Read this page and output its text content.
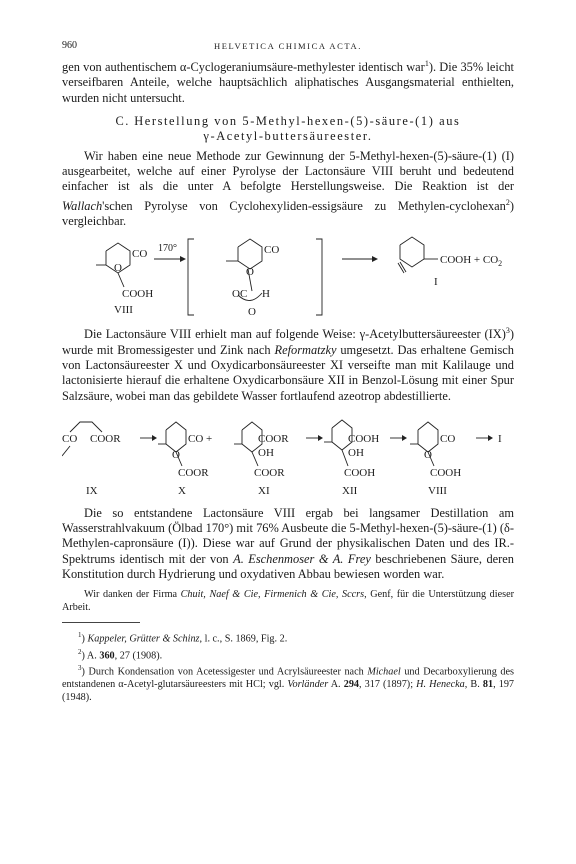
960	HELVETICA CHIMICA ACTA.

gen von authentischem α-Cyclogeraniumsäure-methylester identisch war$^1$). Die 35% leicht verseifbaren Anteile, welche hauptsächlich aliphatisches Ausgangsmaterial enthielten, wurden nicht untersucht.

C. Herstellung von 5-Methyl-hexen-(5)-säure-(1) aus
γ-Acetyl-buttersäureester.

Wir haben eine neue Methode zur Gewinnung der 5-Methyl-hexen-(5)-säure-(1) (I) ausgearbeitet, welche auf einer Pyrolyse der Lactonsäure VIII beruht und bedeutend einfacher ist als die unter A befolgte Herstellungsweise. Die Reaktion ist der Wallach'schen Pyrolyse von Cyclohexyliden-essigsäure zu Methylen-cyclohexan$^2$) vergleichbar.

CO
O
COOH
VIII
170°	CO
O
OC H
O
COOH + $CO_2$
I

Die Lactonsäure VIII erhielt man auf folgende Weise: γ-Acetylbuttersäureester (IX)$^3$) wurde mit Bromessigester und Zink nach Reformatzky umgesetzt. Das erhaltene Gemisch von Lactonsäureester X und Oxydicarbonsäureester XI verseifte man mit Kalilauge und lactonisierte hierauf die erhaltene Oxydicarbonsäure XII in Benzol-Lösung mit einer Spur Salzsäure, wobei man das gebildete Wasser fortlaufend azeotrop abdestillierte.

CO COOR
IX
CO +
O
COOR
X
COOR
OH
COOR
XI
COOH
OH
COOH
XII
CO
O
COOH
VIII
I

Die so entstandene Lactonsäure VIII ergab bei langsamer Destillation am Wasserstrahlvakuum (Ölbad 170°) mit 76% Ausbeute die 5-Methyl-hexen-(5)-säure-(1) (δ-Methylen-capronsäure (I)). Diese war auf Grund der physikalischen Daten und des IR.-Spektrums identisch mit der von A. Eschenmoser & A. Frey beschriebenen Säure, deren Konstitution durch Hydrierung und oxydativen Abbau bewiesen worden war.

Wir danken der Firma Chuit, Naef & Cie, Firmenich & Cie, Sccrs, Genf, für die Unterstützung dieser Arbeit.

$^1$) Kappeler, Grütter & Schinz, l. c., S. 1869, Fig. 2.

$^2$) A. 360, 27 (1908).

$^3$) Durch Kondensation von Acetessigester und Acrylsäureester nach Michael und Decarboxylierung des entstandenen α-Acetyl-glutarsäureesters mit HCl; vgl. Vorländer A. 294, 317 (1897); H. Henecka, B. 81, 197 (1948).
